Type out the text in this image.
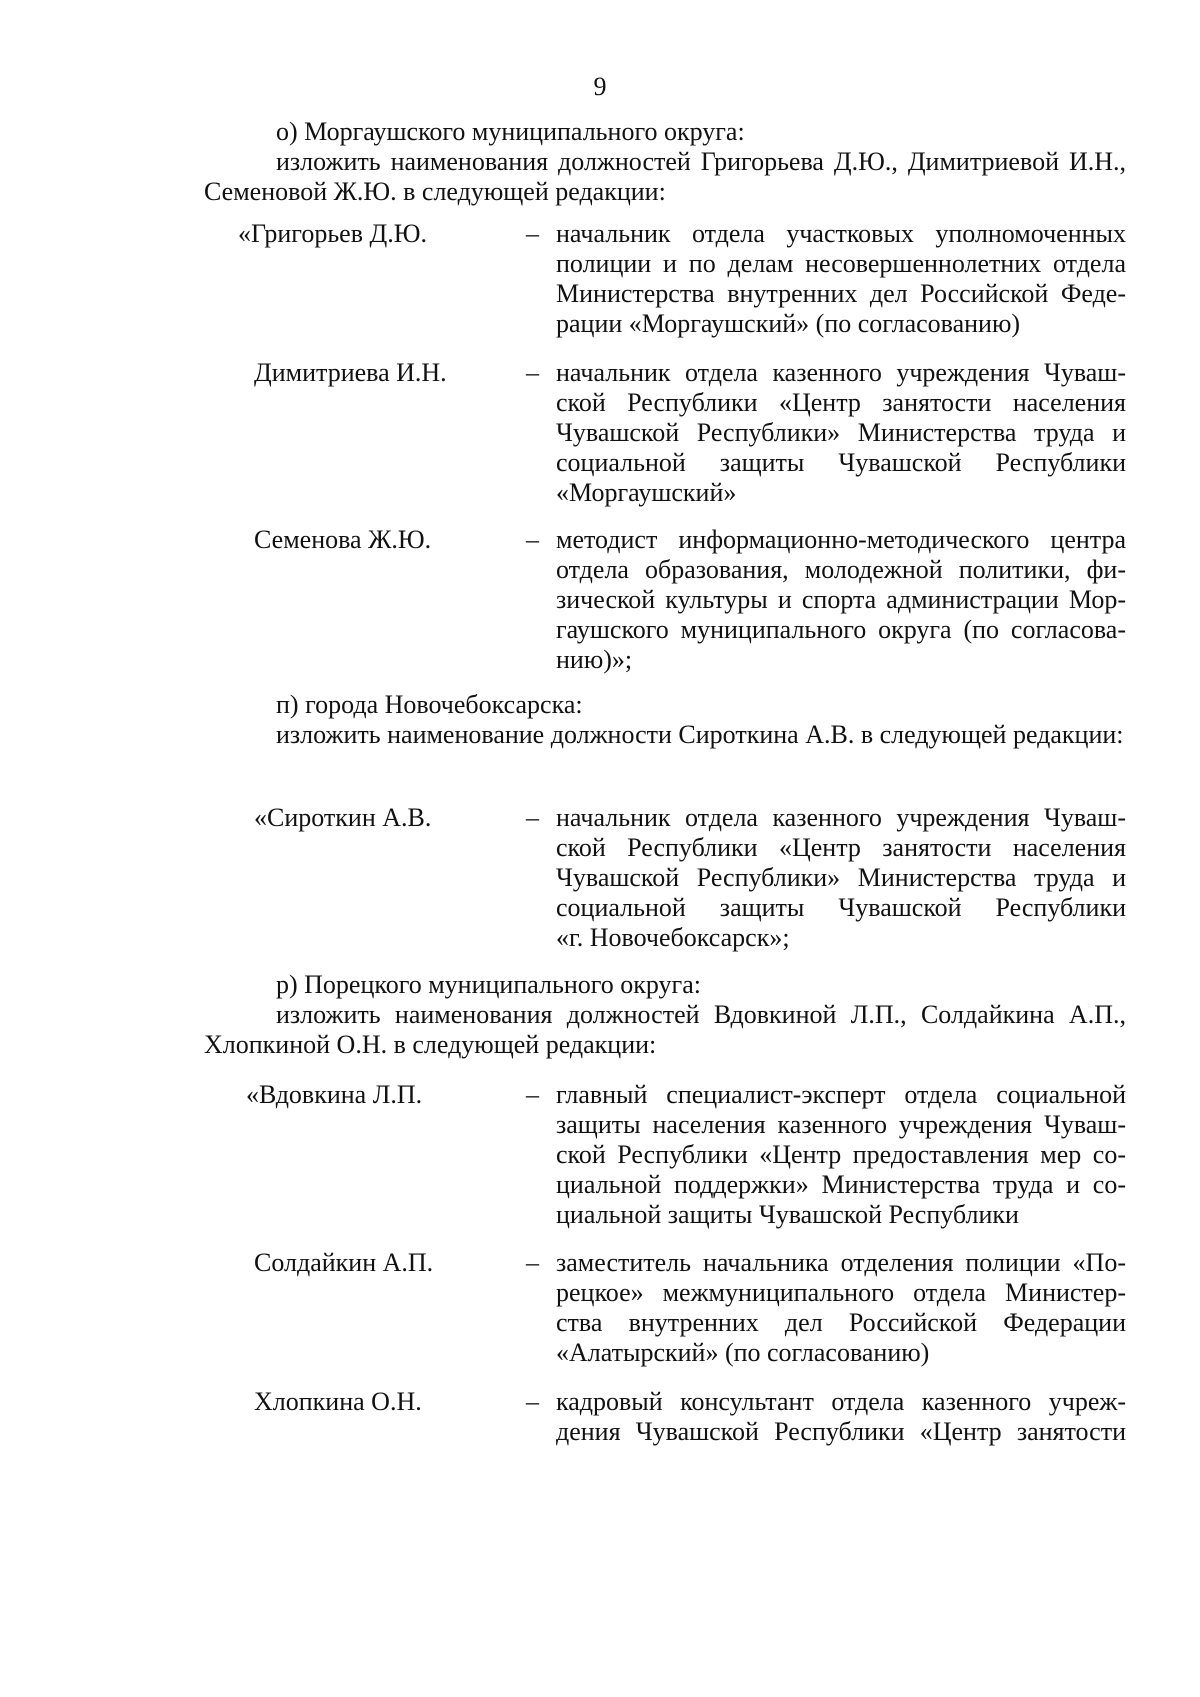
9
о) Моргаушского муниципального округа:
изложить наименования должностей Григорьева Д.Ю., Димитриевой И.Н., Семеновой Ж.Ю. в следующей редакции:
«Григорьев Д.Ю.	– начальник отдела участковых уполномоченных
полиции и по делам несовершеннолетних отдела
Министерства внутренних дел Российской Феде-
рации «Моргаушский» (по согласованию)
Димитриева И.Н.	– начальник отдела казенного учреждения Чуваш-
ской Республики «Центр занятости населения
Чувашской Республики» Министерства труда и
социальной защиты Чувашской Республики
«Моргаушский»
Семенова Ж.Ю.	– методист информационно-методического центра
отдела образования, молодежной политики, фи-
зической культуры и спорта администрации Мор-
гаушского муниципального округа (по согласова-
нию)»;
п) города Новочебоксарска:
изложить наименование должности Сироткина А.В. в следующей редакции:
«Сироткин А.В.	– начальник отдела казенного учреждения Чуваш-
ской Республики «Центр занятости населения
Чувашской Республики» Министерства труда и
социальной защиты Чувашской Республики
«г. Новочебоксарск»;
р) Порецкого муниципального округа:
изложить наименования должностей Вдовкиной Л.П., Солдайкина А.П., Хлопкиной О.Н. в следующей редакции:
«Вдовкина Л.П.	– главный специалист-эксперт отдела социальной
защиты населения казенного учреждения Чуваш-
ской Республики «Центр предоставления мер со-
циальной поддержки» Министерства труда и со-
циальной защиты Чувашской Республики
Солдайкин А.П.	– заместитель начальника отделения полиции «По-
рецкое» межмуниципального отдела Министер-
ства внутренних дел Российской Федерации
«Алатырский» (по согласованию)
Хлопкина О.Н.	– кадровый консультант отдела казенного учреж-
дения Чувашской Республики «Центр занятости
